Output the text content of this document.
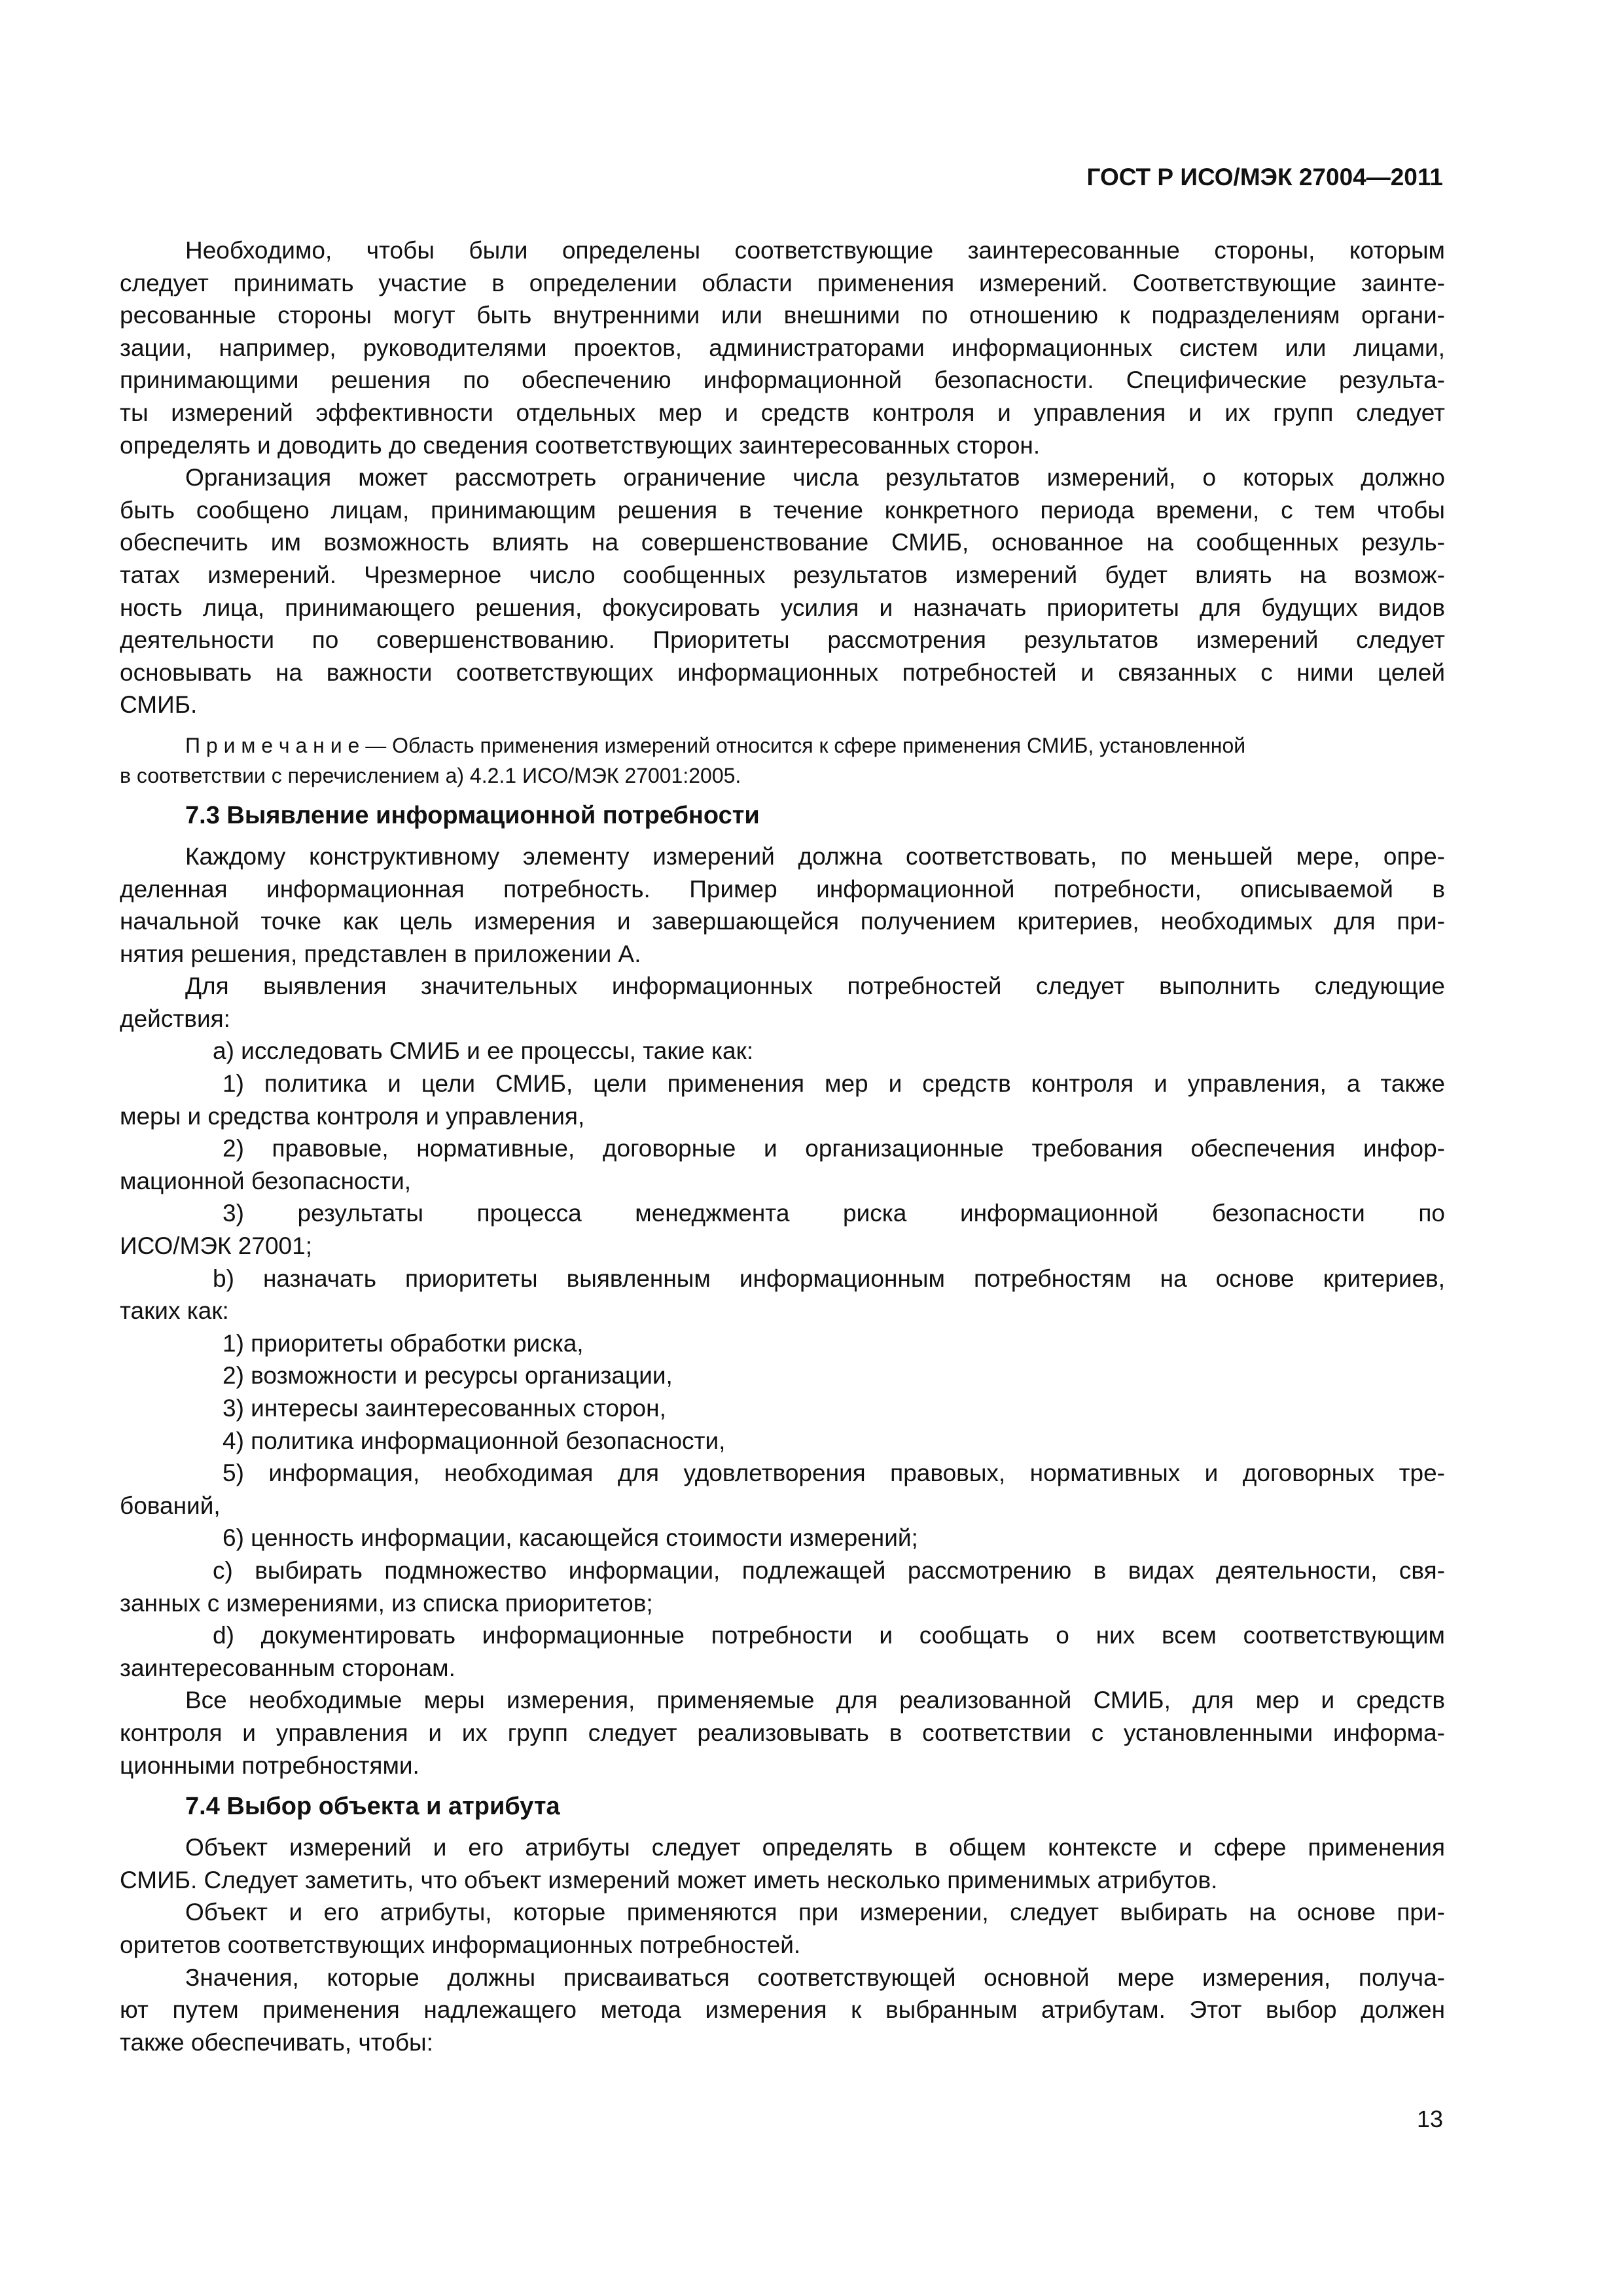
ГОСТ Р ИСО/МЭК 27004—2011
Необходимо, чтобы были определены соответствующие заинтересованные стороны, которым
следует принимать участие в определении области применения измерений. Соответствующие заинте-
ресованные стороны могут быть внутренними или внешними по отношению к подразделениям органи-
зации, например, руководителями проектов, администраторами информационных систем или лицами,
принимающими решения по обеспечению информационной безопасности. Специфические результа-
ты измерений эффективности отдельных мер и средств контроля и управления и их групп следует
определять и доводить до сведения соответствующих заинтересованных сторон.
Организация может рассмотреть ограничение числа результатов измерений, о которых должно
быть сообщено лицам, принимающим решения в течение конкретного периода времени, с тем чтобы
обеспечить им возможность влиять на совершенствование СМИБ, основанное на сообщенных резуль-
татах измерений. Чрезмерное число сообщенных результатов измерений будет влиять на возмож-
ность лица, принимающего решения, фокусировать усилия и назначать приоритеты для будущих видов
деятельности по совершенствованию. Приоритеты рассмотрения результатов измерений следует
основывать на важности соответствующих информационных потребностей и связанных с ними целей
СМИБ.
П р и м е ч а н и е — Область применения измерений относится к сфере применения СМИБ, установленной
в соответствии с перечислением а) 4.2.1 ИСО/МЭК 27001:2005.
7.3 Выявление информационной потребности
Каждому конструктивному элементу измерений должна соответствовать, по меньшей мере, опре-
деленная информационная потребность. Пример информационной потребности, описываемой в
начальной точке как цель измерения и завершающейся получением критериев, необходимых для при-
нятия решения, представлен в приложении А.
Для выявления значительных информационных потребностей следует выполнить следующие
действия:
а) исследовать СМИБ и ее процессы, такие как:
1) политика и цели СМИБ, цели применения мер и средств контроля и управления, а также
меры и средства контроля и управления,
2) правовые, нормативные, договорные и организационные требования обеспечения инфор-
мационной безопасности,
3) результаты процесса менеджмента риска информационной безопасности по
ИСО/МЭК 27001;
b) назначать приоритеты выявленным информационным потребностям на основе критериев,
таких как:
1) приоритеты обработки риска,
2) возможности и ресурсы организации,
3) интересы заинтересованных сторон,
4) политика информационной безопасности,
5) информация, необходимая для удовлетворения правовых, нормативных и договорных тре-
бований,
6) ценность информации, касающейся стоимости измерений;
с) выбирать подмножество информации, подлежащей рассмотрению в видах деятельности, свя-
занных с измерениями, из списка приоритетов;
d) документировать информационные потребности и сообщать о них всем соответствующим
заинтересованным сторонам.
Все необходимые меры измерения, применяемые для реализованной СМИБ, для мер и средств
контроля и управления и их групп следует реализовывать в соответствии с установленными информа-
ционными потребностями.
7.4 Выбор объекта и атрибута
Объект измерений и его атрибуты следует определять в общем контексте и сфере применения
СМИБ. Следует заметить, что объект измерений может иметь несколько применимых атрибутов.
Объект и его атрибуты, которые применяются при измерении, следует выбирать на основе при-
оритетов соответствующих информационных потребностей.
Значения, которые должны присваиваться соответствующей основной мере измерения, получа-
ют путем применения надлежащего метода измерения к выбранным атрибутам. Этот выбор должен
также обеспечивать, чтобы:
13
